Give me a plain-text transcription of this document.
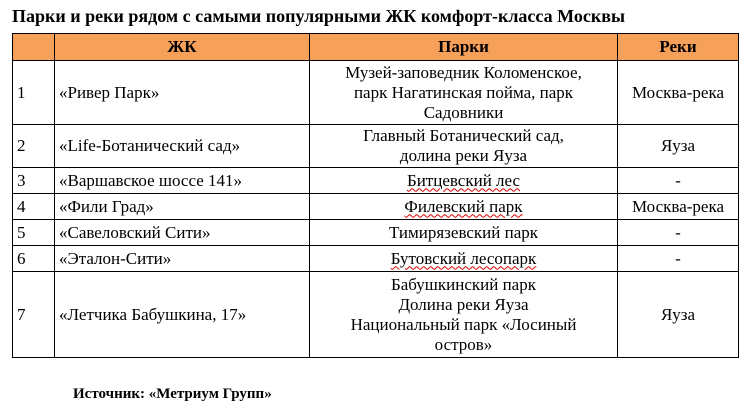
Парки и реки рядом с самыми популярными ЖК комфорт-класса Москвы
	ЖК	Парки	Реки
1	«Ривер Парк»	Музей-заповедник Коломенское,
парк Нагатинская пойма, парк
Садовники	Москва-река
2	«Life-Ботанический сад»	Главный Ботанический сад,
долина реки Яуза	Яуза
3	«Варшавское шоссе 141»	Битцевский лес	-
4	«Фили Град»	Филевский парк	Москва-река
5	«Савеловский Сити»	Тимирязевский парк	-
6	«Эталон-Сити»	Бутовский лесопарк	-
7	«Летчика Бабушкина, 17»	Бабушкинский парк
Долина реки Яуза
Национальный парк «Лосиный
остров»	Яуза
Источник: «Метриум Групп»
